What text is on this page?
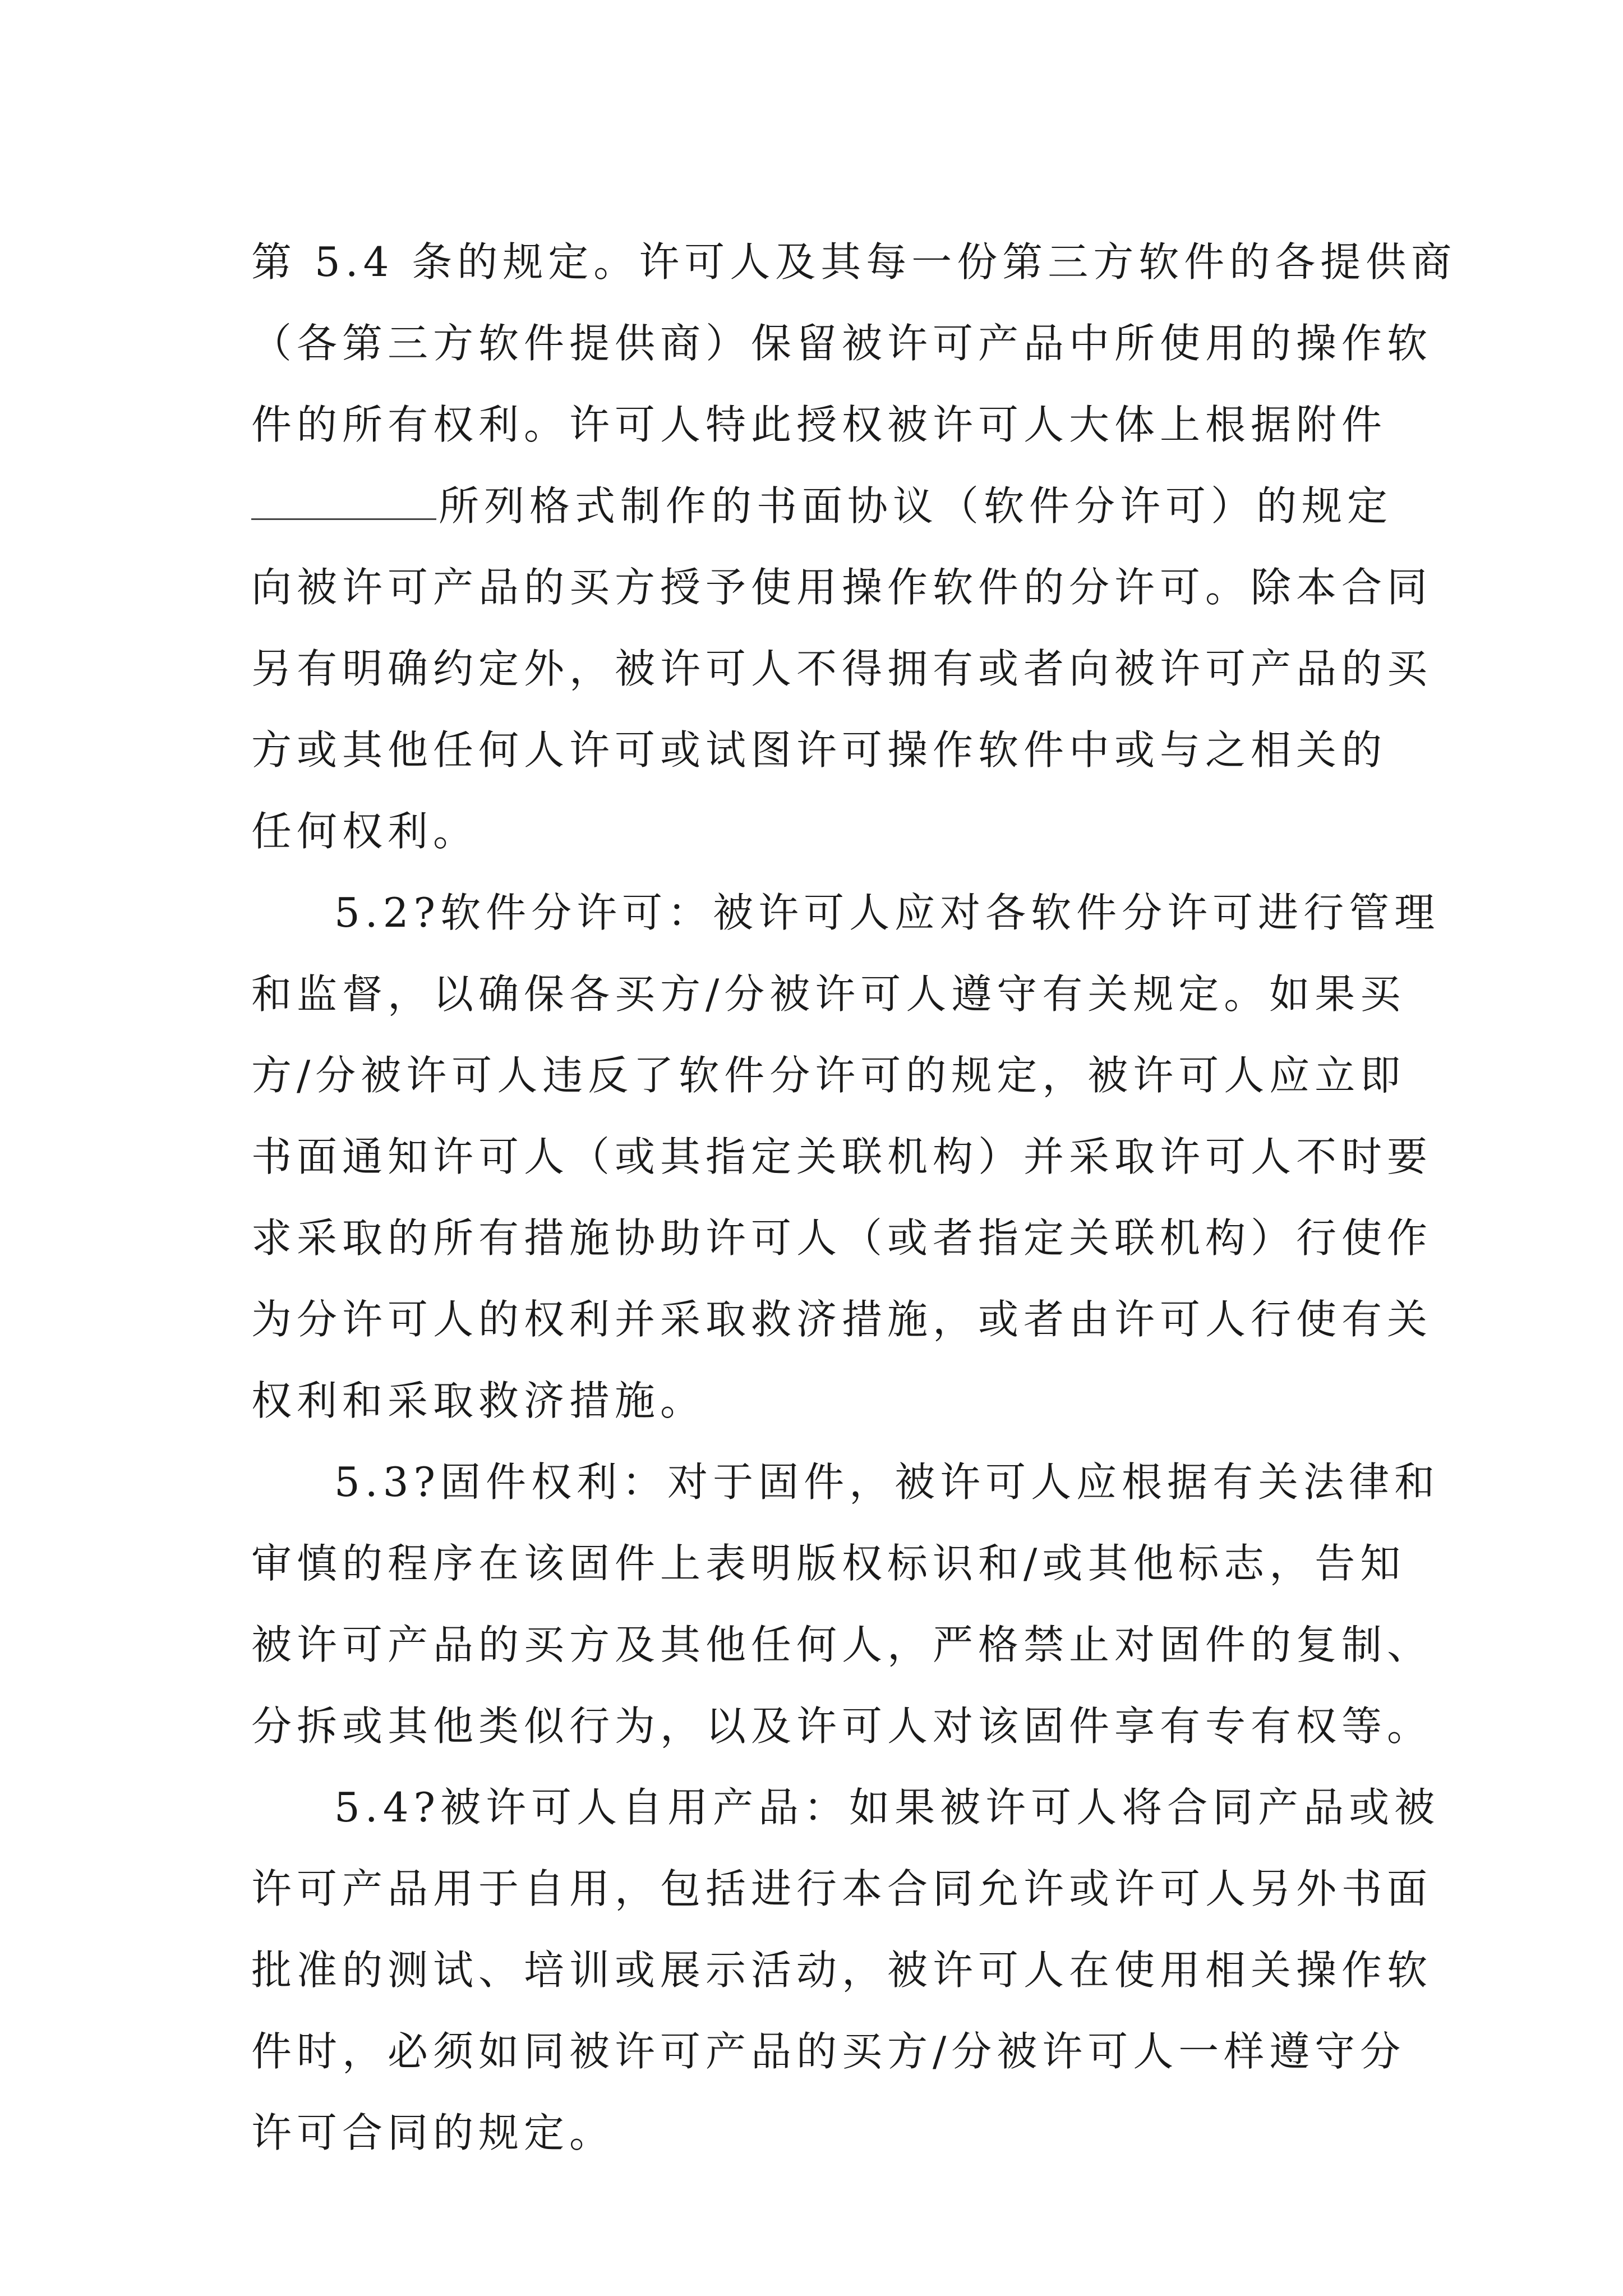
第 5.4 条的规定。许可人及其每一份第三方软件的各提供商
（各第三方软件提供商）保留被许可产品中所使用的操作软
件的所有权利。许可人特此授权被许可人大体上根据附件
所列格式制作的书面协议（软件分许可）的规定
向被许可产品的买方授予使用操作软件的分许可。除本合同
另有明确约定外，被许可人不得拥有或者向被许可产品的买
方或其他任何人许可或试图许可操作软件中或与之相关的
任何权利。
5.2?软件分许可：被许可人应对各软件分许可进行管理
和监督，以确保各买方/分被许可人遵守有关规定。如果买
方/分被许可人违反了软件分许可的规定，被许可人应立即
书面通知许可人（或其指定关联机构）并采取许可人不时要
求采取的所有措施协助许可人（或者指定关联机构）行使作
为分许可人的权利并采取救济措施，或者由许可人行使有关
权利和采取救济措施。
5.3?固件权利：对于固件，被许可人应根据有关法律和
审慎的程序在该固件上表明版权标识和/或其他标志，告知
被许可产品的买方及其他任何人，严格禁止对固件的复制、
分拆或其他类似行为，以及许可人对该固件享有专有权等。
5.4?被许可人自用产品：如果被许可人将合同产品或被
许可产品用于自用，包括进行本合同允许或许可人另外书面
批准的测试、培训或展示活动，被许可人在使用相关操作软
件时，必须如同被许可产品的买方/分被许可人一样遵守分
许可合同的规定。
